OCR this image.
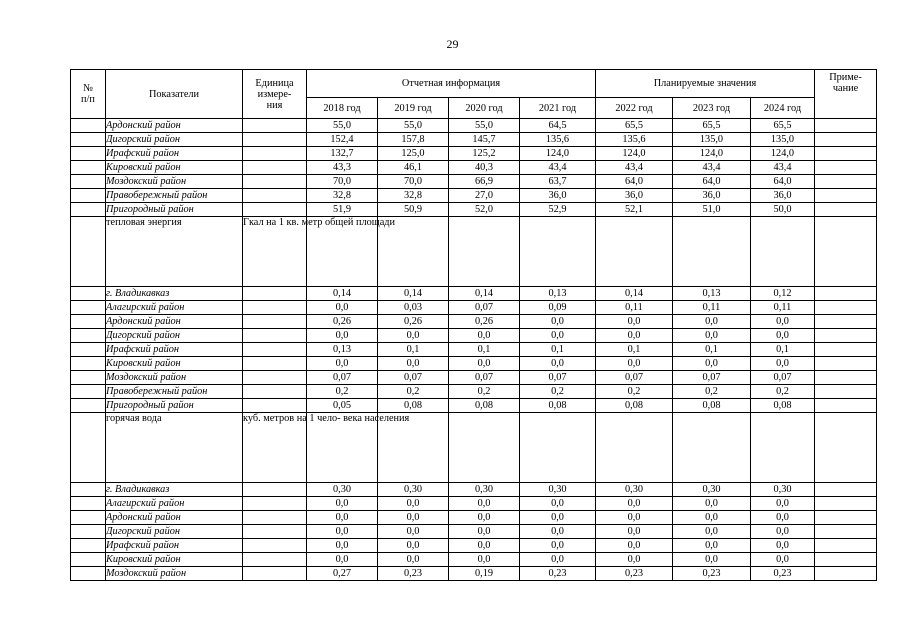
29
№
п/п	Показатели	Единица
измере-
ния	Отчетная информация				Планируемые значения			Приме-
чание
			2018 год	2019 год	2020 год	2021 год	2022 год	2023 год	2024 год	
	Ардонский район		55,0	55,0	55,0	64,5	65,5	65,5	65,5	
	Дигорский район		152,4	157,8	145,7	135,6	135,6	135,0	135,0	
	Ирафский район		132,7	125,0	125,2	124,0	124,0	124,0	124,0	
	Кировский район		43,3	46,1	40,3	43,4	43,4	43,4	43,4	
	Моздокский район		70,0	70,0	66,9	63,7	64,0	64,0	64,0	
	Правобережный район		32,8	32,8	27,0	36,0	36,0	36,0	36,0	
	Пригородный район		51,9	50,9	52,0	52,9	52,1	51,0	50,0	
	тепловая энергия	Гкал на 1 кв. метр общей площади								
	г. Владикавказ		0,14	0,14	0,14	0,13	0,14	0,13	0,12	
	Алагирский район		0,0	0,03	0,07	0,09	0,11	0,11	0,11	
	Ардонский район		0,26	0,26	0,26	0,0	0,0	0,0	0,0	
	Дигорский район		0,0	0,0	0,0	0,0	0,0	0,0	0,0	
	Ирафский район		0,13	0,1	0,1	0,1	0,1	0,1	0,1	
	Кировский район		0,0	0,0	0,0	0,0	0,0	0,0	0,0	
	Моздокский район		0,07	0,07	0,07	0,07	0,07	0,07	0,07	
	Правобережный район		0,2	0,2	0,2	0,2	0,2	0,2	0,2	
	Пригородный район		0,05	0,08	0,08	0,08	0,08	0,08	0,08	
	горячая вода	куб. метров на 1 чело- века населения								
	г. Владикавказ		0,30	0,30	0,30	0,30	0,30	0,30	0,30	
	Алагирский район		0,0	0,0	0,0	0,0	0,0	0,0	0,0	
	Ардонский район		0,0	0,0	0,0	0,0	0,0	0,0	0,0	
	Дигорский район		0,0	0,0	0,0	0,0	0,0	0,0	0,0	
	Ирафский район		0,0	0,0	0,0	0,0	0,0	0,0	0,0	
	Кировский район		0,0	0,0	0,0	0,0	0,0	0,0	0,0	
	Моздокский район		0,27	0,23	0,19	0,23	0,23	0,23	0,23	
